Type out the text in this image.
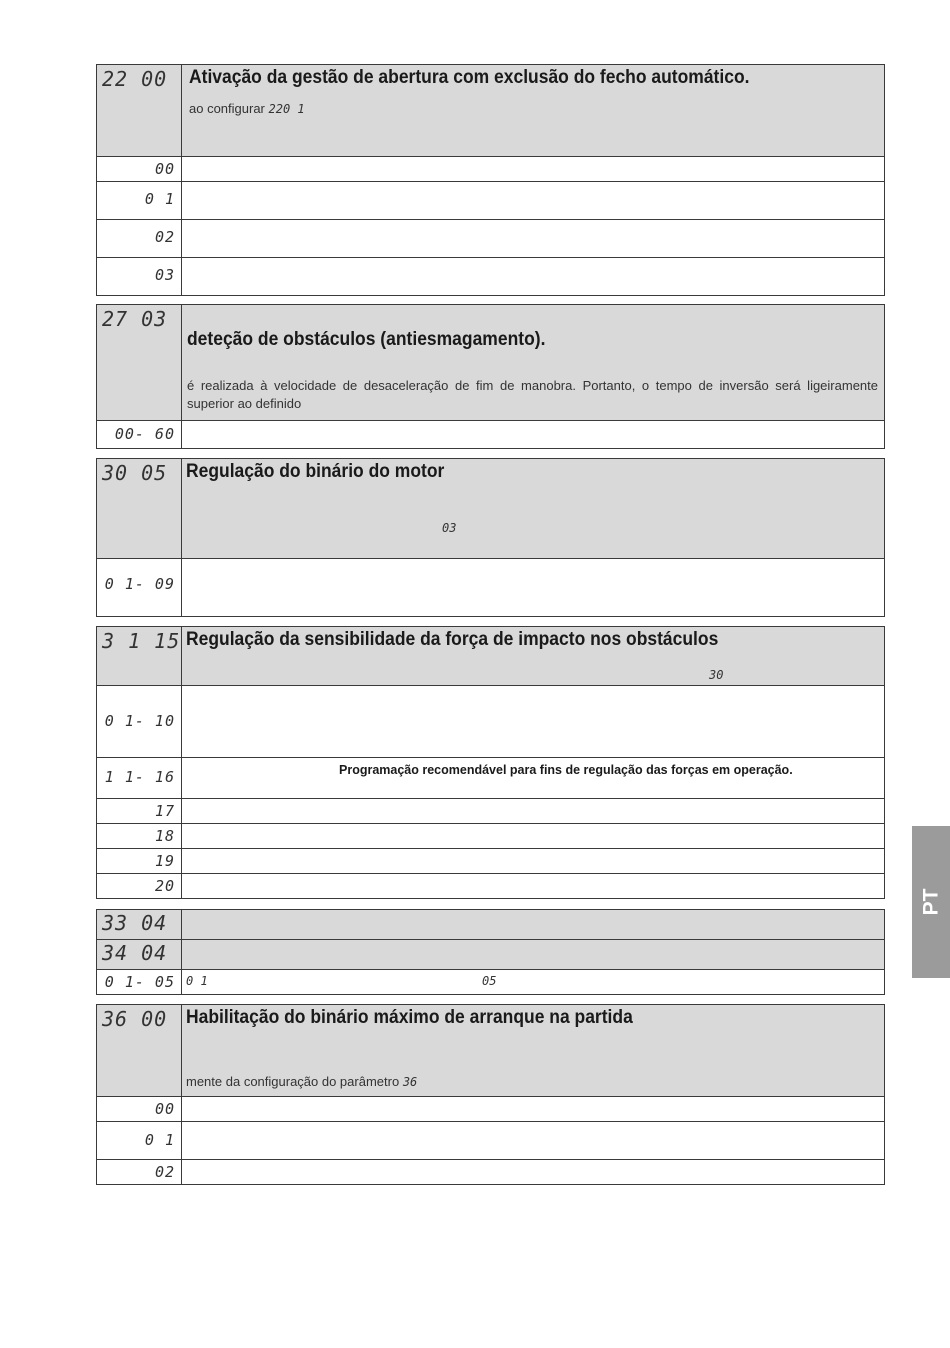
22 00	Ativação da gestão de abertura com exclusão do fecho automático.
ao configurar 220 1

00	

0 1	

02	

03	

27 03	deteção de obstáculos (antiesmagamento).
é realizada à velocidade de desaceleração de fim de manobra. Portanto, o tempo de inversão será ligeiramente superior ao definido

00- 60	

30 05	Regulação do binário do motor
03

0 1- 09	

3 1 15	Regulação da sensibilidade da força de impacto nos obstáculos
30

0 1- 10	

1 1- 16	Programação recomendável para fins de regulação das forças em operação.

17	

18	

19	

20	

33 04	

34 04	

0 1- 05	0 1 05
36 00	Habilitação do binário máximo de arranque na partida
mente da configuração do parâmetro 36

00	

0 1	

02	

PT
